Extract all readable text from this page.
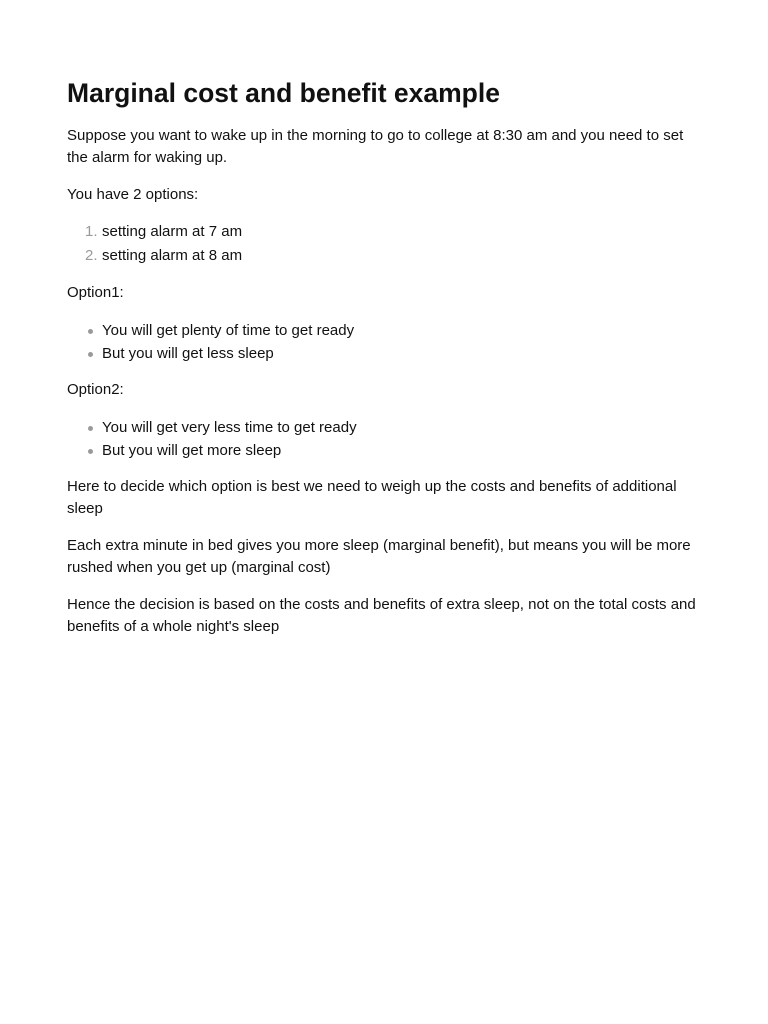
Marginal cost and benefit example

Suppose you want to wake up in the morning to go to college at 8:30 am and you need to set the alarm for waking up.

You have 2 options:

1. setting alarm at 7 am
2. setting alarm at 8 am

Option1:

You will get plenty of time to get ready
But you will get less sleep

Option2:

You will get very less time to get ready
But you will get more sleep

Here to decide which option is best we need to weigh up the costs and benefits of additional sleep

Each extra minute in bed gives you more sleep (marginal benefit), but means you will be more rushed when you get up (marginal cost)

Hence the decision is based on the costs and benefits of extra sleep, not on the total costs and benefits of a whole night's sleep
